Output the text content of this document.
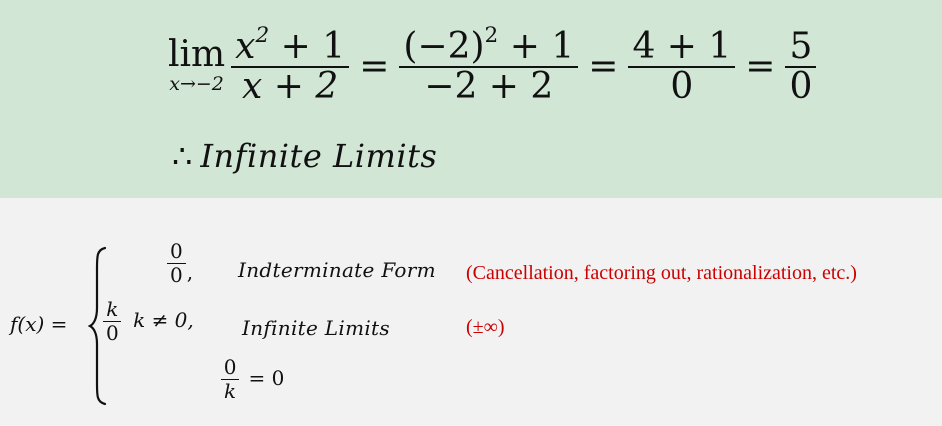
lim
$x\to-2 \frac{x^2 + 1}{x + 2} = \frac{(-2)^2 + 1}{-2 + 2} = \frac{4 + 1}{0} = \frac{5}{0}$
∴ Infinite Limits
f(x) =
$\frac{0}{0}$ , Indterminate Form (Cancellation, factoring out, rationalization, etc.)
$\frac{k}{0}$ k ≠ 0, Infinite Limits	(±∞)
$\frac{0}{k} = 0$
